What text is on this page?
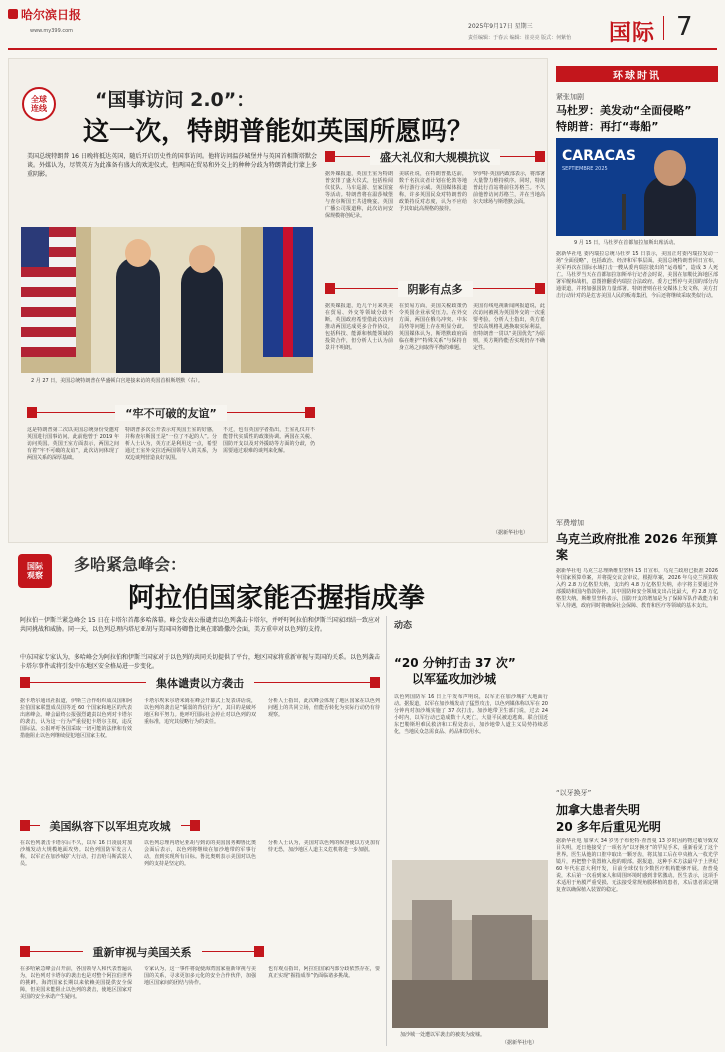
哈尔滨日报
www.my399.com
2025年9月17日 星期三
责任编辑：于春云 编辑：崔亮亮 版式：何紫怡 国际 7
全球
连线	“国事访问 2.0”：
这一次，特朗普能如英国所愿吗？
美国总统特朗普 16 日晚将抵达英国，随后开启历史性的国事访问。他将访问温莎城堡并与英国首相斯塔默会谈。外媒认为，尽管英方为此准备有盛大的欢迎仪式，但两国在贸易和外交上的种种分歧为特朗普此行蒙上多重阴影。
2 月 27 日，美国总统特朗普在华盛顿白宫迎接来访的英国首相斯塔默（右）。
盛大礼仪和大规模抗议
据外媒报道，英国王室为特朗普安排了盛大仪式，包括检阅仪仗队、马车巡游、皇家国宴等活动。特朗普将在温莎城堡与查尔斯国王共进晚宴。英国广播公司报道称，此次访问安保规模将创纪录。
美联社说，在特朗普抵达前，数千名抗议者计划在伦敦等地举行游行示威。英国媒体报道称，许多英国民众对特朗普的政策持反对态度，认为不应给予其如此高规格的接待。
罗伊特·英国内政部表示，将部署大量警力维持秩序。同时，特朗普此行首站将前往苏格兰。不久前他曾访问苏格兰，并在当地高尔夫球场与斯塔默会面。
阴影有点多
据英媒报道，近几个月来英美在贸易、外交等领域分歧不断。英国政府希望借此次访问推动两国达成更多合作协议，包括科技、能源和核能领域的投资合作，但分析人士认为前景并不明朗。
在贸易方面，美国关税政策仍令英国企业承受压力。在外交方面，两国在俄乌冲突、中东局势等问题上存在明显分歧。英国媒体认为，斯塔默政府面临在维护“特殊关系”与保持自身立场之间取得平衡的难题。
美国有线电视新闻网报道说，此次访问被视为英国外交的一次重要考验。分析人士指出，英方希望以高规格礼遇换取实际利益，但特朗普一贯以“美国优先”为原则，英方期待能否实现仍存不确定性。
（据新华社电）
“牢不可破的友谊”
这是特朗普第二次以美国总统身份受邀对英国进行国事访问。此前他曾于 2019 年访问英国。英国王室方面表示，两国之间有着“牢不可破的友谊”，此次访问体现了两国关系的深厚基础。
特朗普多次公开表示对英国王室的好感，并称查尔斯国王是“一位了不起的人”。分析人士认为，英方正是利用这一点，希望通过王室外交拉近两国领导人的关系，为双边谈判营造良好氛围。
不过，也有英国学者指出，王室礼仪并不能替代实质性的政策协调。两国在关税、国防开支以及对外援助等方面的分歧，仍需要通过艰难的谈判来化解。
环球时讯
紧张加剧
马杜罗：美发动“全面侵略”
特朗普：再打“毒船”
CARACAS
SEPTIEMBRE 2025
9 月 15 日，马杜罗在首都加拉加斯出席活动。
据新华社电 委内瑞拉总统马杜罗 15 日表示，美国正对委内瑞拉发动一场“全面侵略”，包括政治、经济和军事层面。美国总统特朗普同日宣布，美军再次在国际水域打击一艘从委内瑞拉驶出的“运毒船”，造成 3 人死亡。马杜罗当天在首都加拉加斯举行记者会时说，美国在加勒比海地区部署军舰和战机，意图推翻委内瑞拉合法政府。委方已暂停与美国的部分沟通渠道，并将加强国防力量部署。特朗普则在社交媒体上发文称，美方打击行动针对的是危害美国人民的贩毒集团，今后还将继续采取类似行动。
军费增加
乌克兰政府批准 2026 年预算案
据新华社电 乌克兰总理斯维里坚科 15 日宣布，乌克兰政府已批准 2026 年国家预算草案，并将提交议会审议。根据草案，2026 年乌克兰预算收入约 2.8 万亿格里夫纳，支出约 4.8 万亿格里夫纳，赤字将主要通过外部援助和国内借款弥补。其中国防和安全领域支出占比最大，约 2.8 万亿格里夫纳。斯维里坚科表示，国防开支的增加是为了保障军队作战能力和军人待遇，政府同时将确保社会保障、教育和医疗等领域的基本支出。
“以牙换牙”
加拿大患者失明
20 多年后重见光明
据新华社电 加拿大 34 岁男子布伦特·查普曼 13 岁时因药物过敏导致双目失明，近日他接受了一项名为“以牙换牙”的罕见手术，重新看见了这个世界。医生从他的口腔中取出一颗牙齿，将其加工后在中央植入一枚光学镜片，再把整个装置植入他的眼部。据报道，这种手术方法最早于上世纪 60 年代在意大利开发，目前全球仅有少数医疗机构能够开展。查普曼说，术后第一次看到家人和周围环境时感到非常激动。医生表示，这项手术适用于角膜严重受损、无法接受常规角膜移植的患者，术后患者需定期复查以确保植入装置的稳定。
国际
观察
多哈紧急峰会：
阿拉伯国家能否握指成拳
阿拉伯－伊斯兰紧急峰会 15 日在卡塔尔首都多哈落幕。峰会发表公报谴责以色列袭击卡塔尔，并呼吁阿拉伯和伊斯兰国家团结一致应对共同挑战和威胁。同一天，以色列总理内塔尼亚胡与美国国务卿鲁比奥在耶路撒冷会面，美方重申对以色列的支持。
中东国家专家认为，多哈峰会为阿拉伯和伊斯兰国家对于以色列的共同关切提供了平台，地区国家将重新审视与美国的关系。以色列袭击卡塔尔事件或将引发中东地区安全格局进一步变化。
集体谴责以方袭击
据卡塔尔通讯社报道，伊斯兰合作组织成员国和阿拉伯国家联盟成员国等近 60 个国家和地区的代表出席峰会。峰会最终公报强烈谴责以色列对卡塔尔的袭击，认为这一行为严重侵犯卡塔尔主权，违反国际法。公报呼吁各国采取一切可能的法律和有效措施阻止以色列继续侵犯地区国家主权。
卡塔尔埃米尔塔米姆在峰会开幕式上发表讲话说，以色列的袭击是“懦弱的背信行为”，其目的是破坏地区和平努力。他呼吁国际社会停止对以色列的双重标准，追究其侵略行为的责任。
分析人士指出，此次峰会体现了地区国家在以色列问题上的共同立场，但能否转化为实际行动仍有待观察。
美国纵容下以军坦克攻城
在以色列袭击卡塔尔后不久，以军 16 日凌晨对加沙城发动大规模地面攻势。以色列国防军发言人称，以军正在加沙城扩大行动，打击哈马斯武装人员。
以色列总理内塔尼亚胡与到访的美国国务卿鲁比奥会面后表示，以色列将继续在加沙地带的军事行动，直到实现所有目标。鲁比奥则表示美国对以色列的支持是坚定的。
分析人士认为，美国对以色列的纵容使以方更加有恃无恐，加沙地区人道主义危机将进一步加剧。
重新审视与美国关系
在多哈紧急峰会召开前，各国领导人和代表普遍认为，以色列对卡塔尔的袭击也是对整个阿拉伯世界的挑衅。海湾国家长期以来依赖美国提供安全保障，但美国未能阻止以色列的袭击，使地区国家对美国的安全承诺产生疑问。
专家认为，这一事件将促使海湾国家重新审视与美国的关系，寻求更加多元化的安全合作伙伴，加强地区国家间的团结与协作。
也有观点指出，阿拉伯国家内部分歧依然存在，要真正实现“握指成拳”仍面临诸多挑战。
动态
“20 分钟打击 37 次”
以军猛攻加沙城
以色列国防军 16 日上午发布声明说，以军正在加沙城扩大地面行动。据报道，以军在加沙城发动了猛烈攻击，以色列媒体称以军在 20 分钟内对加沙城实施了 37 次打击。加沙地带卫生部门说，过去 24 小时内，以军行动已造成数十人死亡，大量平民被迫逃离。联合国近东巴勒斯坦难民救济和工程处表示，加沙地带人道主义局势持续恶化，当地民众急需食品、药品和饮用水。
加沙城一处遭以军袭击的被夷为废墟。
（据新华社电）
